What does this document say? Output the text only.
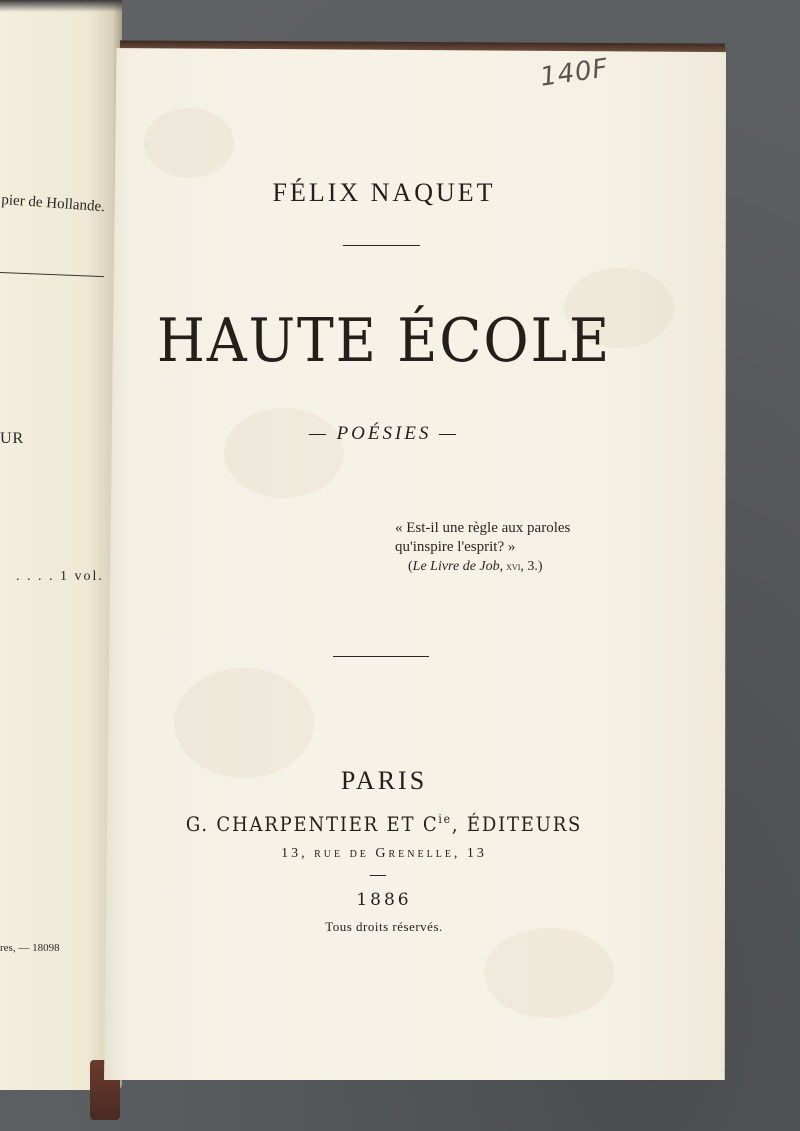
pier de Hollande.
UR
. . . . 1 vol.
res, — 18098
140F
FÉLIX NAQUET
HAUTE ÉCOLE
— POÉSIES —
« Est-il une règle aux paroles
qu'inspire l'esprit? »
(Le Livre de Job, xvi, 3.)
PARIS
G. CHARPENTIER ET $C^{ie}$, ÉDITEURS
13, rue de Grenelle, 13
1886
Tous droits réservés.
